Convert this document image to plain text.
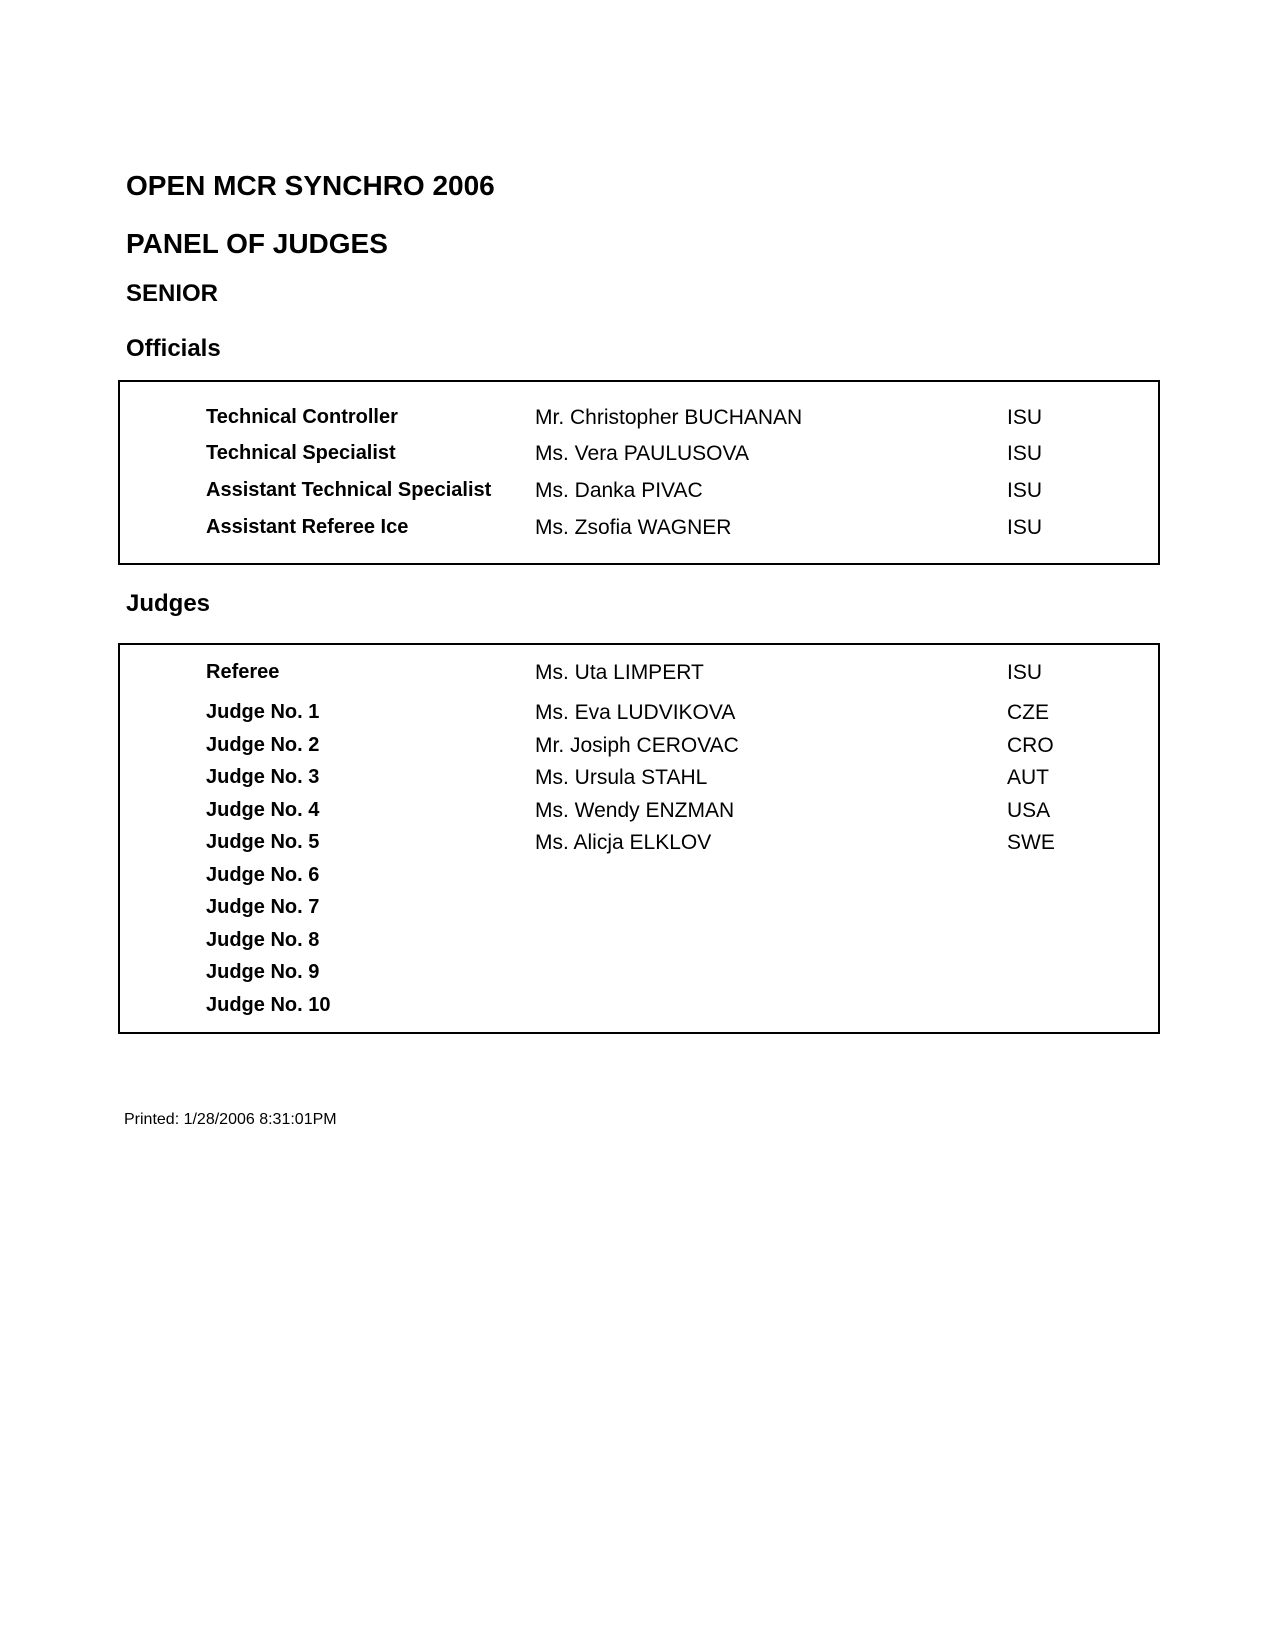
OPEN MCR SYNCHRO 2006
PANEL OF JUDGES
SENIOR
Officials
Technical Controller	Mr. Christopher BUCHANAN	ISU
Technical Specialist	Ms. Vera PAULUSOVA	ISU
Assistant Technical Specialist Ms. Danka PIVAC	ISU
Assistant Referee Ice	Ms. Zsofia WAGNER	ISU
Judges
Referee	Ms. Uta LIMPERT	ISU
Judge No. 1	Ms. Eva LUDVIKOVA	CZE
Judge No. 2	Mr. Josiph CEROVAC	CRO
Judge No. 3	Ms. Ursula STAHL	AUT
Judge No. 4	Ms. Wendy ENZMAN	USA
Judge No. 5	Ms. Alicja ELKLOV	SWE
Judge No. 6
Judge No. 7
Judge No. 8
Judge No. 9
Judge No. 10

Printed: 1/28/2006 8:31:01PM
